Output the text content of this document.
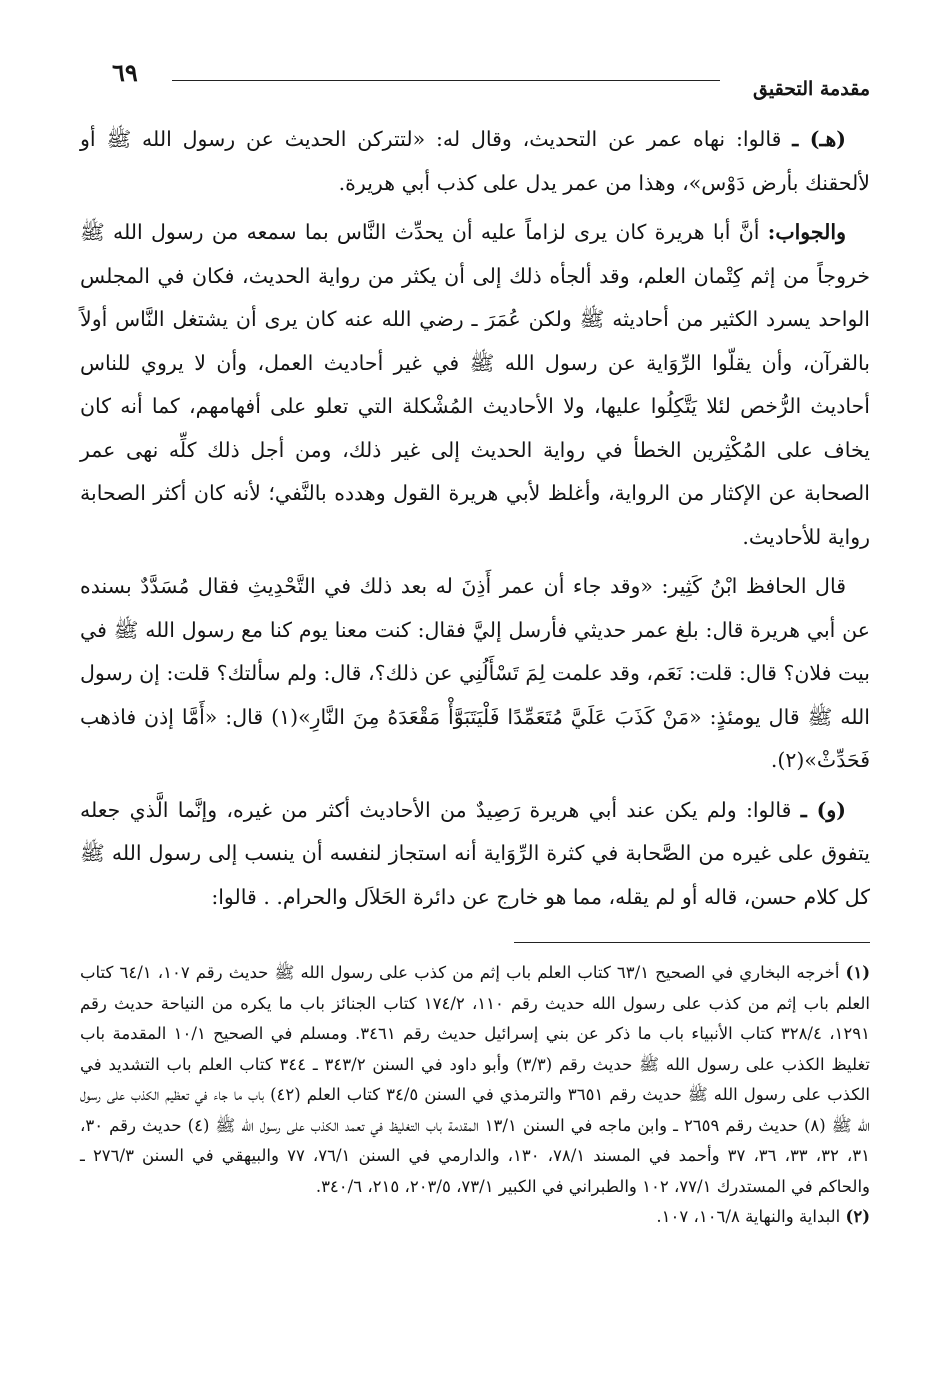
مقدمة التحقيق
٦٩

(هـ) ـ قالوا: نهاه عمر عن التحديث، وقال له: «لتتركن الحديث عن رسول الله ﷺ أو لألحقنك بأرض دَوْس»، وهذا من عمر يدل على كذب أبي هريرة.

والجواب: أنَّ أبا هريرة كان يرى لزاماً عليه أن يحدِّث النَّاس بما سمعه من رسول الله ﷺ خروجاً من إثم كِتْمان العلم، وقد ألجأه ذلك إلى أن يكثر من رواية الحديث، فكان في المجلس الواحد يسرد الكثير من أحاديثه ﷺ ولكن عُمَرَ ـ رضي الله عنه كان يرى أن يشتغل النَّاس أولاً بالقرآن، وأن يقلّوا الرِّوَاية عن رسول الله ﷺ في غير أحاديث العمل، وأن لا يروي للناس أحاديث الرُّخص لئلا يَتَّكِلُوا عليها، ولا الأحاديث المُشْكلة التي تعلو على أفهامهم، كما أنه كان يخاف على المُكْثِرين الخطأ في رواية الحديث إلى غير ذلك، ومن أجل ذلك كلِّه نهى عمر الصحابة عن الإكثار من الرواية، وأغلظ لأبي هريرة القول وهدده بالنَّفي؛ لأنه كان أكثر الصحابة رواية للأحاديث.

قال الحافظ ابْنُ كَثِير: «وقد جاء أن عمر أَذِنَ له بعد ذلك في التَّحْدِيثِ فقال مُسَدَّدٌ بسنده عن أبي هريرة قال: بلغ عمر حديثي فأرسل إليَّ فقال: كنت معنا يوم كنا مع رسول الله ﷺ في بيت فلان؟ قال: قلت: نَعَم، وقد علمت لِمَ تَسْأَلُنِي عن ذلك؟، قال: ولم سألتك؟ قلت: إن رسول الله ﷺ قال يومئذٍ: «مَنْ كَذَبَ عَلَيَّ مُتَعَمِّدًا فَلْيَتَبَوَّأْ مَقْعَدَهُ مِنَ النَّارِ»(١) قال: «أَمَّا إذن فاذهب فَحَدِّثْ»(٢).

(و) ـ قالوا: ولم يكن عند أبي هريرة رَصِيدٌ من الأحاديث أكثر من غيره، وإنَّما الَّذي جعله يتفوق على غيره من الصَّحابة في كثرة الرِّوَاية أنه استجاز لنفسه أن ينسب إلى رسول الله ﷺ كل كلام حسن، قاله أو لم يقله، مما هو خارج عن دائرة الحَلاَل والحرام. . قالوا:

(١) أخرجه البخاري في الصحيح ٦٣/١ كتاب العلم باب إثم من كذب على رسول الله ﷺ حديث رقم ١٠٧، ٦٤/١ كتاب العلم باب إثم من كذب على رسول الله حديث رقم ١١٠، ١٧٤/٢ كتاب الجنائز باب ما يكره من النياحة حديث رقم ١٢٩١، ٣٢٨/٤ كتاب الأنبياء باب ما ذكر عن بني إسرائيل حديث رقم ٣٤٦١. ومسلم في الصحيح ١٠/١ المقدمة باب تغليظ الكذب على رسول الله ﷺ حديث رقم (٣/٣) وأبو داود في السنن ٣٤٣/٢ ـ ٣٤٤ كتاب العلم باب التشديد في الكذب على رسول الله ﷺ حديث رقم ٣٦٥١ والترمذي في السنن ٣٤/٥ كتاب العلم (٤٢) باب ما جاء في تعظيم الكذب على رسول الله ﷺ (٨) حديث رقم ٢٦٥٩ ـ وابن ماجه في السنن ١٣/١ المقدمة باب التغليظ في تعمد الكذب على رسول الله ﷺ (٤) حديث رقم ٣٠، ٣١، ٣٢، ٣٣، ٣٦، ٣٧ وأحمد في المسند ٧٨/١، ١٣٠، والدارمي في السنن ٧٦/١، ٧٧ والبيهقي في السنن ٢٧٦/٣ ـ والحاكم في المستدرك ٧٧/١، ١٠٢ والطبراني في الكبير ٧٣/١، ٢٠٣/٥، ٢١٥، ٣٤٠/٦.

(٢) البداية والنهاية ١٠٦/٨، ١٠٧.
